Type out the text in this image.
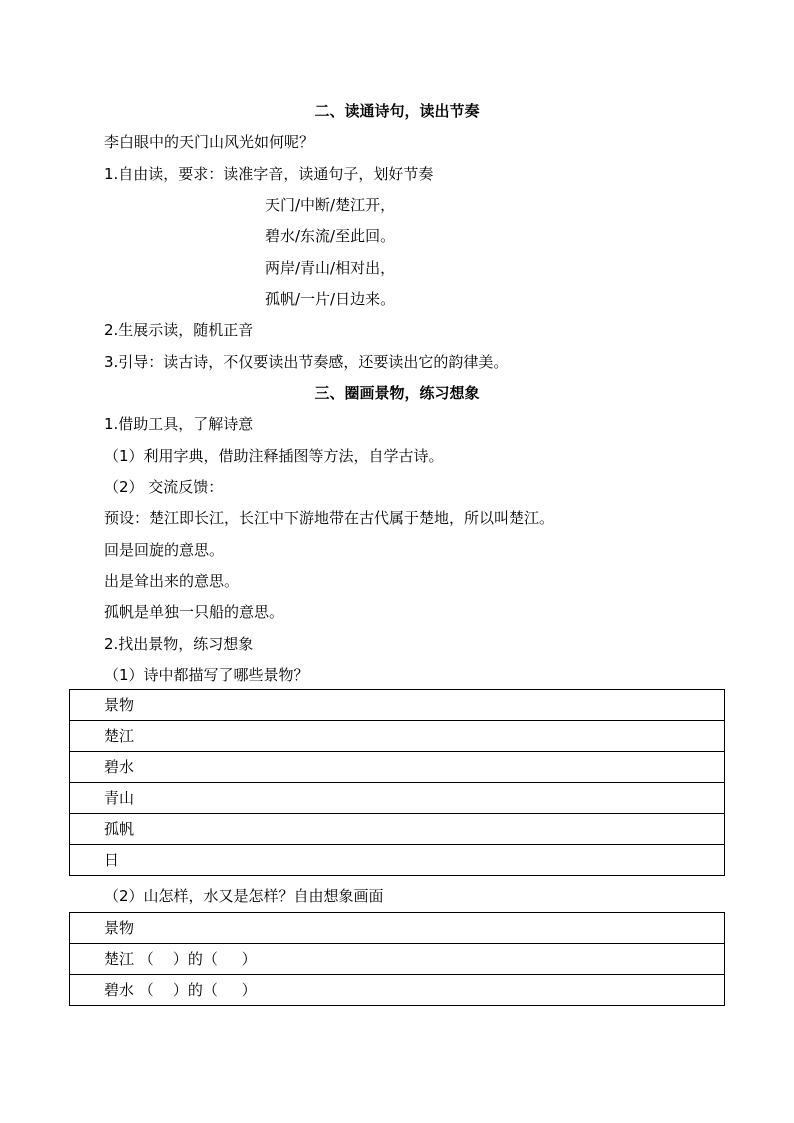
二、读通诗句，读出节奏
李白眼中的天门山风光如何呢？
1.自由读，要求：读准字音，读通句子，划好节奏
天门/中断/楚江开，
碧水/东流/至此回。
两岸/青山/相对出，
孤帆/一片/日边来。
2.生展示读，随机正音
3.引导：读古诗，不仅要读出节奏感，还要读出它的韵律美。
三、圈画景物，练习想象
1.借助工具，了解诗意
（1）利用字典，借助注释插图等方法，自学古诗。
（2） 交流反馈：
预设：楚江即长江，长江中下游地带在古代属于楚地，所以叫楚江。
回是回旋的意思。
出是耸出来的意思。
孤帆是单独一只船的意思。
2.找出景物，练习想象
（1）诗中都描写了哪些景物？
景物
楚江
碧水
青山
孤帆
日
（2）山怎样，水又是怎样？自由想象画面
景物
楚江 （    ）的（     ）
碧水 （    ）的（     ）
